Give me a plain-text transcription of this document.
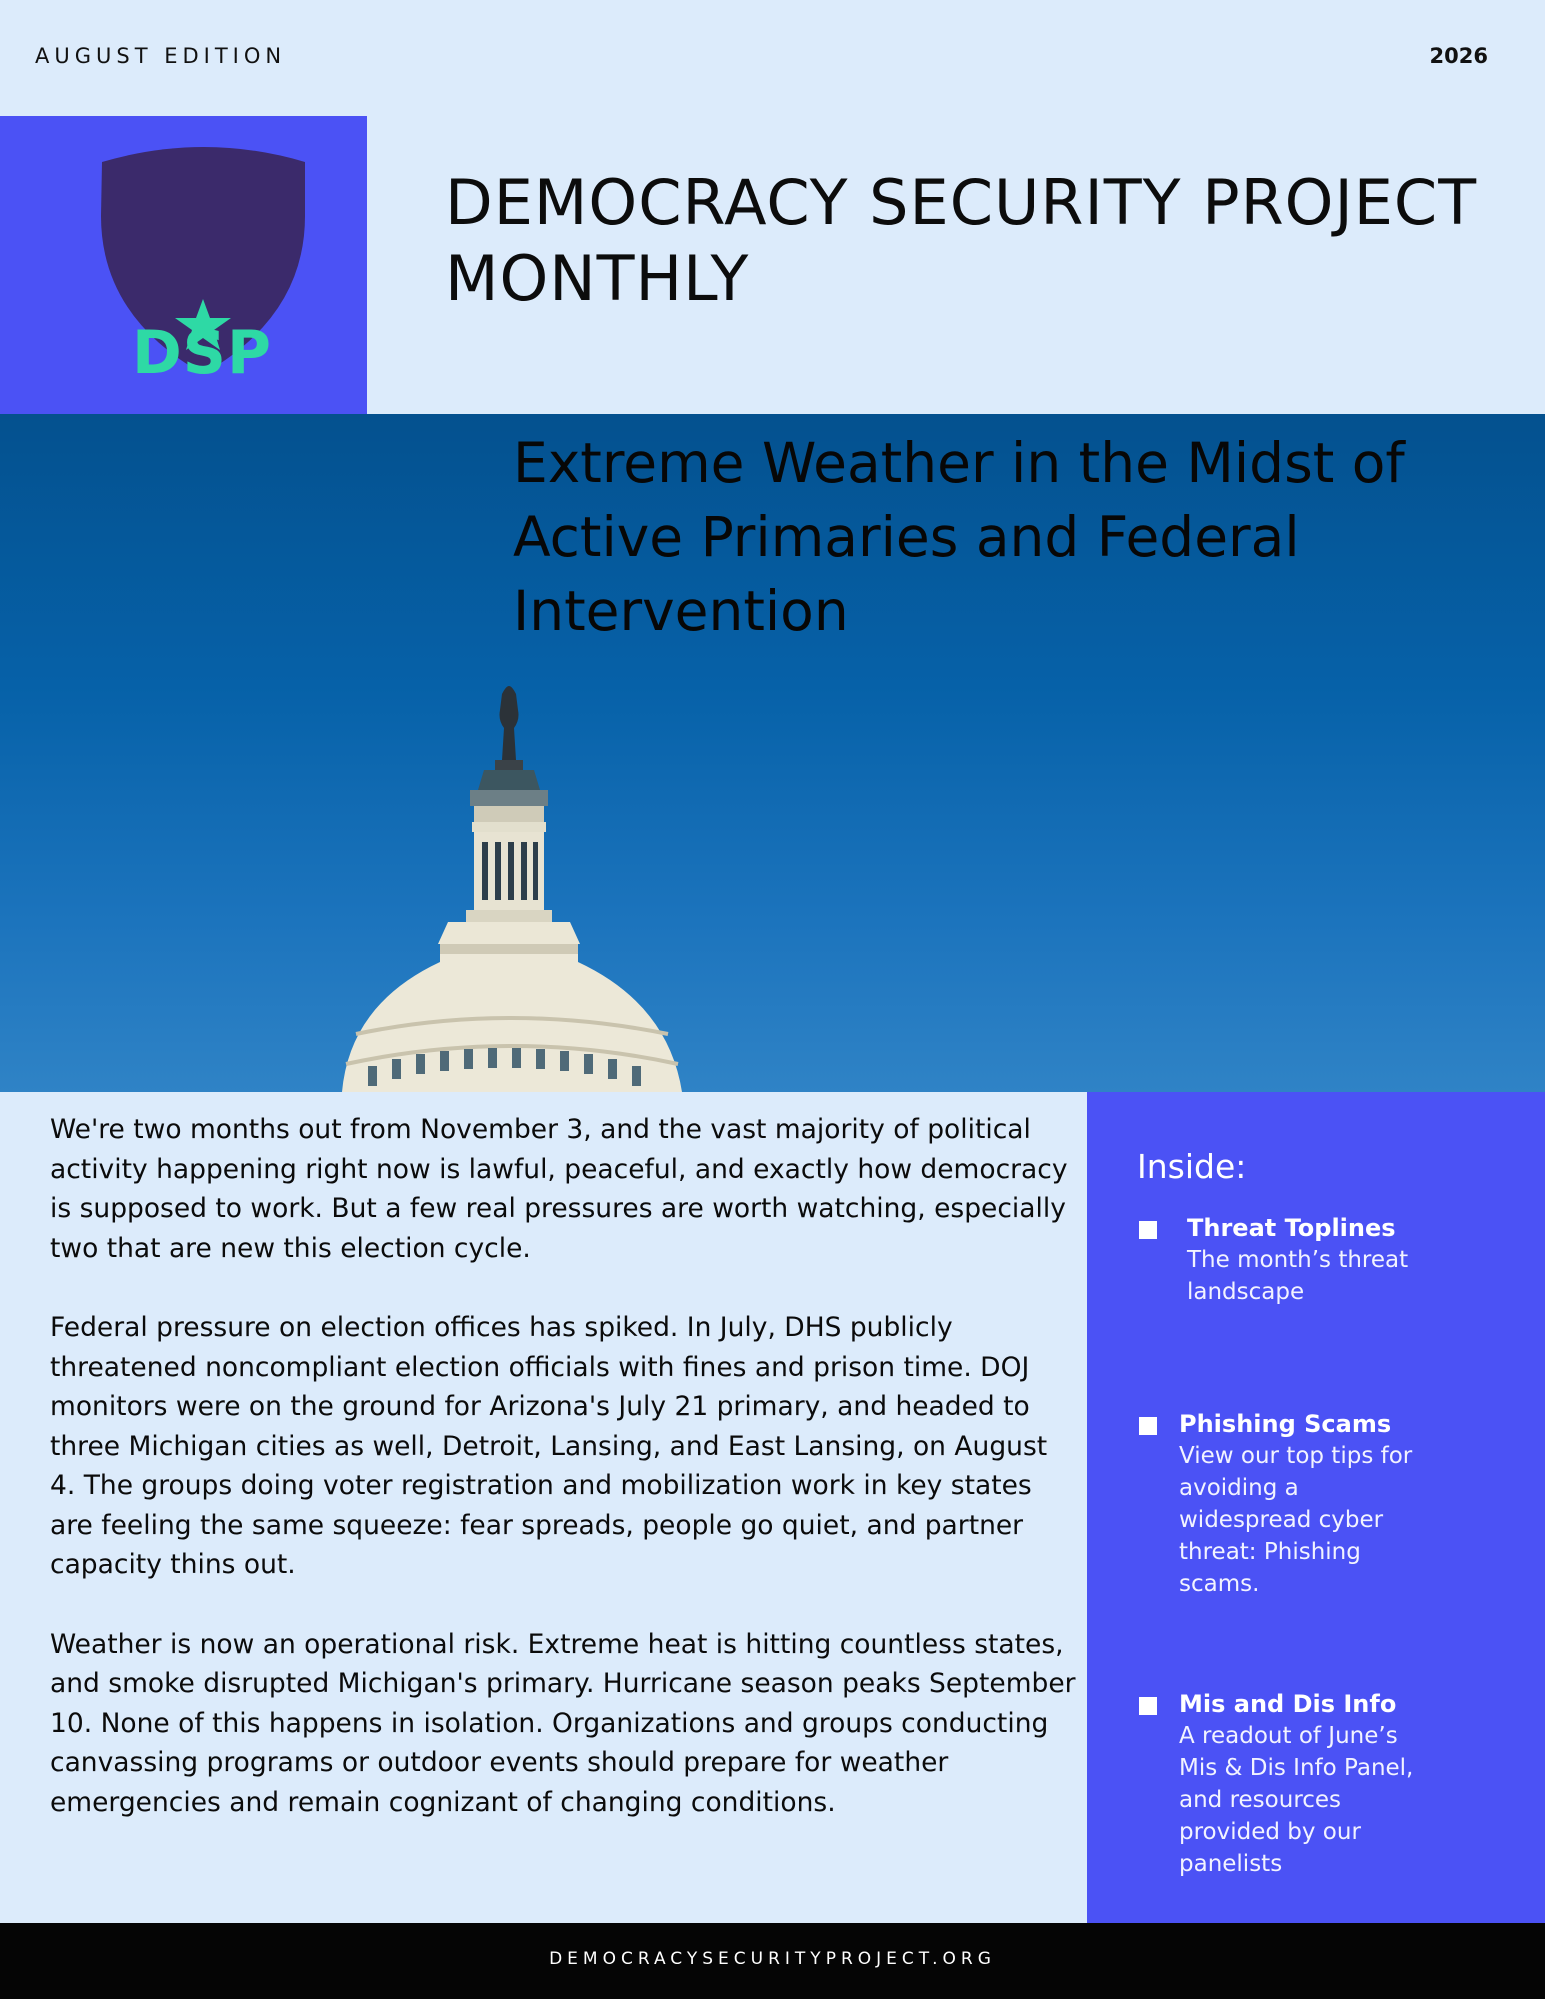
AUGUST EDITION	2026
DSP
DEMOCRACY SECURITY PROJECT MONTHLY
Extreme Weather in the Midst of Active Primaries and Federal Intervention

We're two months out from November 3, and the vast majority of political activity happening right now is lawful, peaceful, and exactly how democracy is supposed to work. But a few real pressures are worth watching, especially two that are new this election cycle.

Federal pressure on election offices has spiked. In July, DHS publicly threatened noncompliant election officials with fines and prison time. DOJ monitors were on the ground for Arizona's July 21 primary, and headed to three Michigan cities as well, Detroit, Lansing, and East Lansing, on August 4. The groups doing voter registration and mobilization work in key states are feeling the same squeeze: fear spreads, people go quiet, and partner capacity thins out.

Weather is now an operational risk. Extreme heat is hitting countless states, and smoke disrupted Michigan's primary. Hurricane season peaks September 10. None of this happens in isolation. Organizations and groups conducting canvassing programs or outdoor events should prepare for weather emergencies and remain cognizant of changing conditions.

Inside:
Threat Toplines
The month’s threat landscape
Phishing Scams
View our top tips for avoiding a widespread cyber threat: Phishing scams.
Mis and Dis Info
A readout of June’s Mis & Dis Info Panel, and resources provided by our panelists
DEMOCRACYSECURITYPROJECT.ORG
